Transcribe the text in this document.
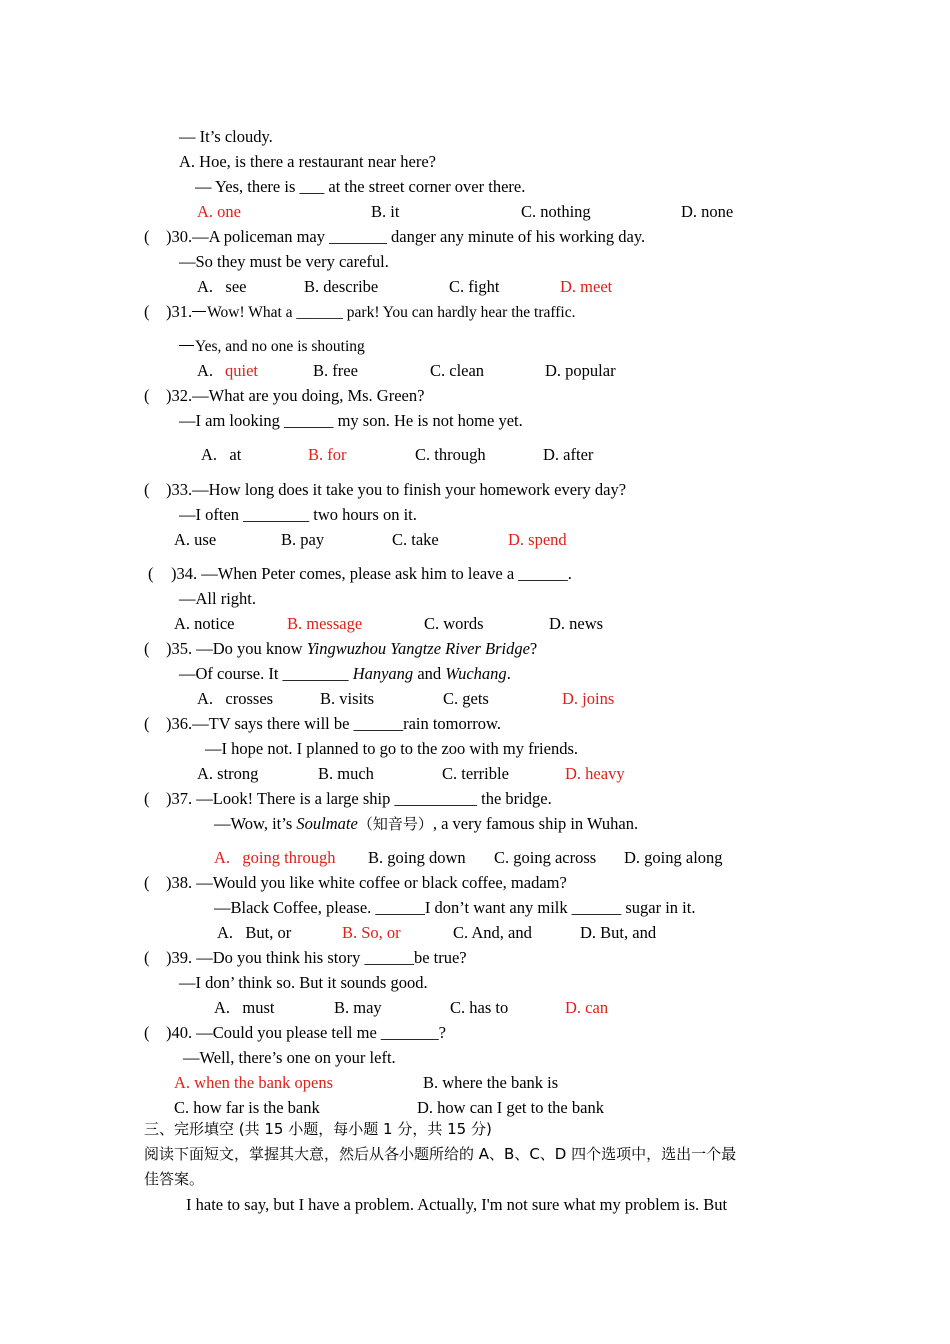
— It’s cloudy.
A. Hoe, is there a restaurant near here?
— Yes, there is ___ at the street corner over there.
A. one	B. it	C. nothing	D. none
( )30.—A policeman may _______ danger any minute of his working day.
—So they must be very careful.
A.   see	B. describe	C. fight	D. meet
( )31. Wow! What a ______ park! You can hardly hear the traffic.
Yes, and no one is shouting
A. quiet	B. free	C. clean	D. popular
( )32.—What are you doing, Ms. Green?
—I am looking ______ my son. He is not home yet.
A.   at	B. for	C. through	D. after
( )33.—How long does it take you to finish your homework every day?
—I often ________ two hours on it.
A. use	B. pay	C. take	D. spend
( )34. —When Peter comes, please ask him to leave a ______.
—All right.
A. notice	B. message	C. words	D. news
( )35. —Do you know Yingwuzhou Yangtze River Bridge?
—Of course. It ________ Hanyang and Wuchang.
A.   crosses	B. visits	C. gets	D. joins
( )36.—TV says there will be ______rain tomorrow.
—I hope not. I planned to go to the zoo with my friends.
A. strong	B. much	C. terrible	D. heavy
( )37. —Look! There is a large ship __________ the bridge.
—Wow, it’s Soulmate（知音号）, a very famous ship in Wuhan.
A.   going through B. going down C. going across D. going along
( )38. —Would you like white coffee or black coffee, madam?
—Black Coffee, please. ______I don’t want any milk ______ sugar in it.
A.   But, or	B. So, or	C. And, and	D. But, and
( )39. —Do you think his story ______be true?
—I don’ think so. But it sounds good.
A.   must	B. may	C. has to	D. can
( )40. —Could you please tell me _______?
—Well, there’s one on your left.
A. when the bank opens	B. where the bank is
C. how far is the bank	D. how can I get to the bank
三、完形填空 (共 15 小题，每小题 1 分，共 15 分)
阅读下面短文，掌握其大意，然后从各小题所给的 A、B、C、D 四个选项中，选出一个最
佳答案。
I hate to say, but I have a problem. Actually, I'm not sure what my problem is. But
